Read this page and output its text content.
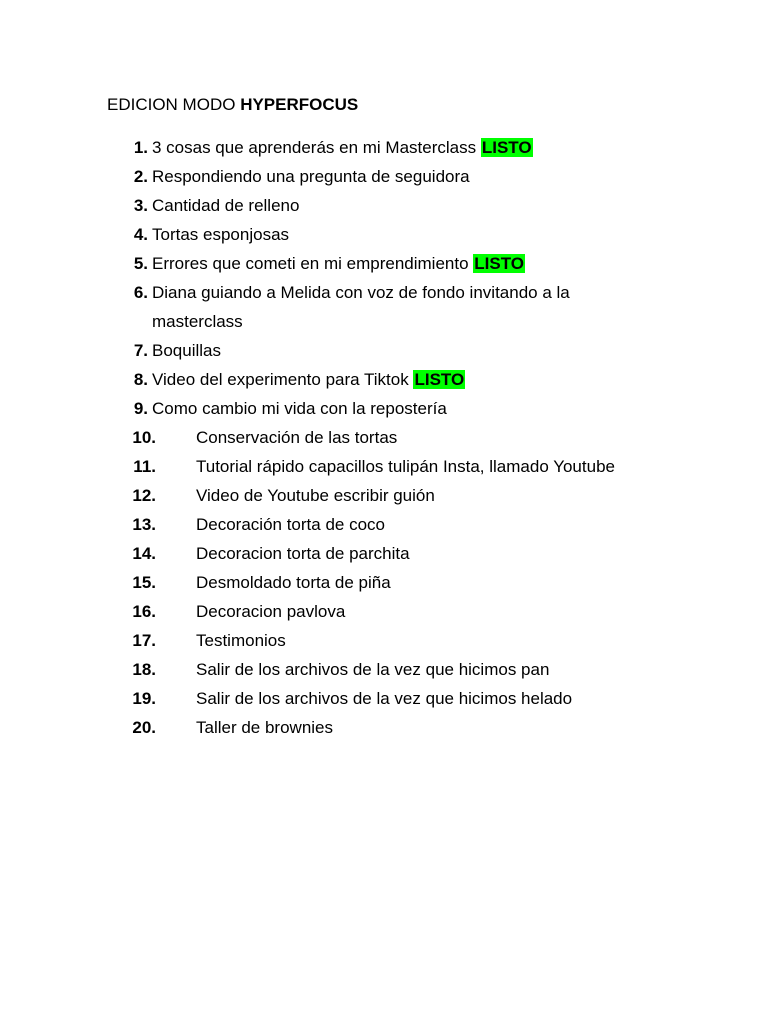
EDICION MODO HYPERFOCUS
1. 3 cosas que aprenderás en mi Masterclass LISTO
2. Respondiendo una pregunta de seguidora
3. Cantidad de relleno
4. Tortas esponjosas
5. Errores que cometi en mi emprendimiento LISTO
6. Diana guiando a Melida con voz de fondo invitando a la masterclass
7. Boquillas
8. Video del experimento para Tiktok LISTO
9. Como cambio mi vida con la repostería
10. Conservación de las tortas
11. Tutorial rápido capacillos tulipán Insta, llamado Youtube
12. Video de Youtube escribir guión
13. Decoración torta de coco
14. Decoracion torta de parchita
15. Desmoldado torta de piña
16. Decoracion pavlova
17. Testimonios
18. Salir de los archivos de la vez que hicimos pan
19. Salir de los archivos de la vez que hicimos helado
20. Taller de brownies
